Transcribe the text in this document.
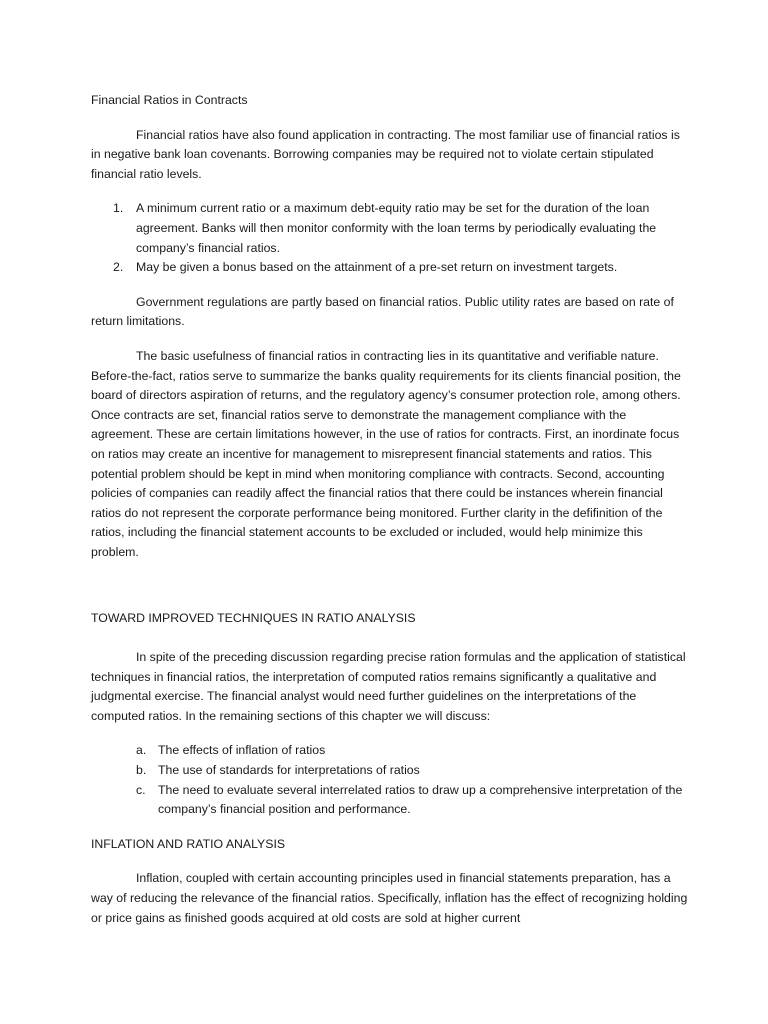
Financial Ratios in Contracts

Financial ratios have also found application in contracting. The most familiar use of financial ratios is in negative bank loan covenants. Borrowing companies may be required not to violate certain stipulated financial ratio levels.

1. A minimum current ratio or a maximum debt-equity ratio may be set for the duration of the loan agreement. Banks will then monitor conformity with the loan terms by periodically evaluating the company’s financial ratios.
2. May be given a bonus based on the attainment of a pre-set return on investment targets.

Government regulations are partly based on financial ratios. Public utility rates are based on rate of return limitations.

The basic usefulness of financial ratios in contracting lies in its quantitative and verifiable nature. Before-the-fact, ratios serve to summarize the banks quality requirements for its clients financial position, the board of directors aspiration of returns, and the regulatory agency’s consumer protection role, among others. Once contracts are set, financial ratios serve to demonstrate the management compliance with the agreement. These are certain limitations however, in the use of ratios for contracts. First, an inordinate focus on ratios may create an incentive for management to misrepresent financial statements and ratios. This potential problem should be kept in mind when monitoring compliance with contracts. Second, accounting policies of companies can readily affect the financial ratios that there could be instances wherein financial ratios do not represent the corporate performance being monitored. Further clarity in the defifinition of the ratios, including the financial statement accounts to be excluded or included, would help minimize this problem.

TOWARD IMPROVED TECHNIQUES IN RATIO ANALYSIS

In spite of the preceding discussion regarding precise ration formulas and the application of statistical techniques in financial ratios, the interpretation of computed ratios remains significantly a qualitative and judgmental exercise. The financial analyst would need further guidelines on the interpretations of the computed ratios. In the remaining sections of this chapter we will discuss:

a. The effects of inflation of ratios
b. The use of standards for interpretations of ratios
c. The need to evaluate several interrelated ratios to draw up a comprehensive interpretation of the company’s financial position and performance.
INFLATION AND RATIO ANALYSIS

Inflation, coupled with certain accounting principles used in financial statements preparation, has a way of reducing the relevance of the financial ratios. Specifically, inflation has the effect of recognizing holding or price gains as finished goods acquired at old costs are sold at higher current
